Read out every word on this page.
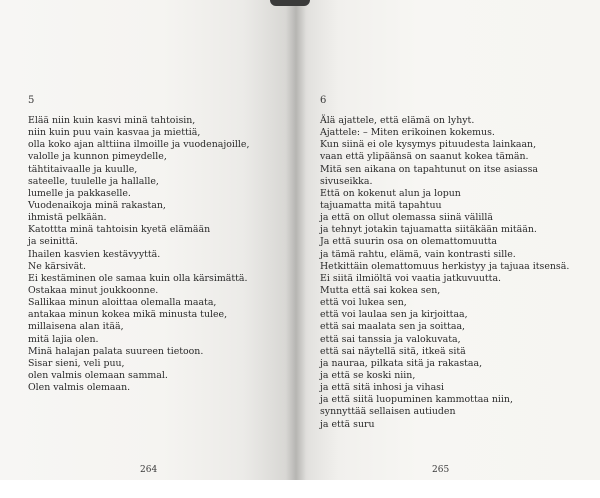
5
Elää niin kuin kasvi minä tahtoisin,
niin kuin puu vain kasvaa ja miettiä,
olla koko ajan alttiina ilmoille ja vuodenajoille,
valolle ja kunnon pimeydelle,
tähtitaivaalle ja kuulle,
sateelle, tuulelle ja hallalle,
lumelle ja pakkaselle.
Vuodenaikoja minä rakastan,
ihmistä pelkään.
Katottta minä tahtoisin kyetä elämään
ja seinittä.
Ihailen kasvien kestävyyttä.
Ne kärsivät.
Ei kestäminen ole samaa kuin olla kärsimättä.
Ostakaa minut joukkoonne.
Sallikaa minun aloittaa olemalla maata,
antakaa minun kokea mikä minusta tulee,
millaisena alan itää,
mitä lajia olen.
Minä halajan palata suureen tietoon.
Sisar sieni, veli puu,
olen valmis olemaan sammal.
Olen valmis olemaan.
264
6
Älä ajattele, että elämä on lyhyt.
Ajattele: – Miten erikoinen kokemus.
Kun siinä ei ole kysymys pituudesta lainkaan,
vaan että ylipäänsä on saanut kokea tämän.
Mitä sen aikana on tapahtunut on itse asiassa
sivuseikka.
Että on kokenut alun ja lopun
tajuamatta mitä tapahtuu
ja että on ollut olemassa siinä välillä
ja tehnyt jotakin tajuamatta siitäkään mitään.
Ja että suurin osa on olemattomuutta
ja tämä rahtu, elämä, vain kontrasti sille.
Hetkittäin olemattomuus herkistyy ja tajuaa itsensä.
Ei siitä ilmiöltä voi vaatia jatkuvuutta.
Mutta että sai kokea sen,
että voi lukea sen,
että voi laulaa sen ja kirjoittaa,
että sai maalata sen ja soittaa,
että sai tanssia ja valokuvata,
että sai näytellä sitä, itkeä sitä
ja nauraa, pilkata sitä ja rakastaa,
ja että se koski niin,
ja että sitä inhosi ja vihasi
ja että siitä luopuminen kammottaa niin,
synnyttää sellaisen autiuden
ja että suru
265
